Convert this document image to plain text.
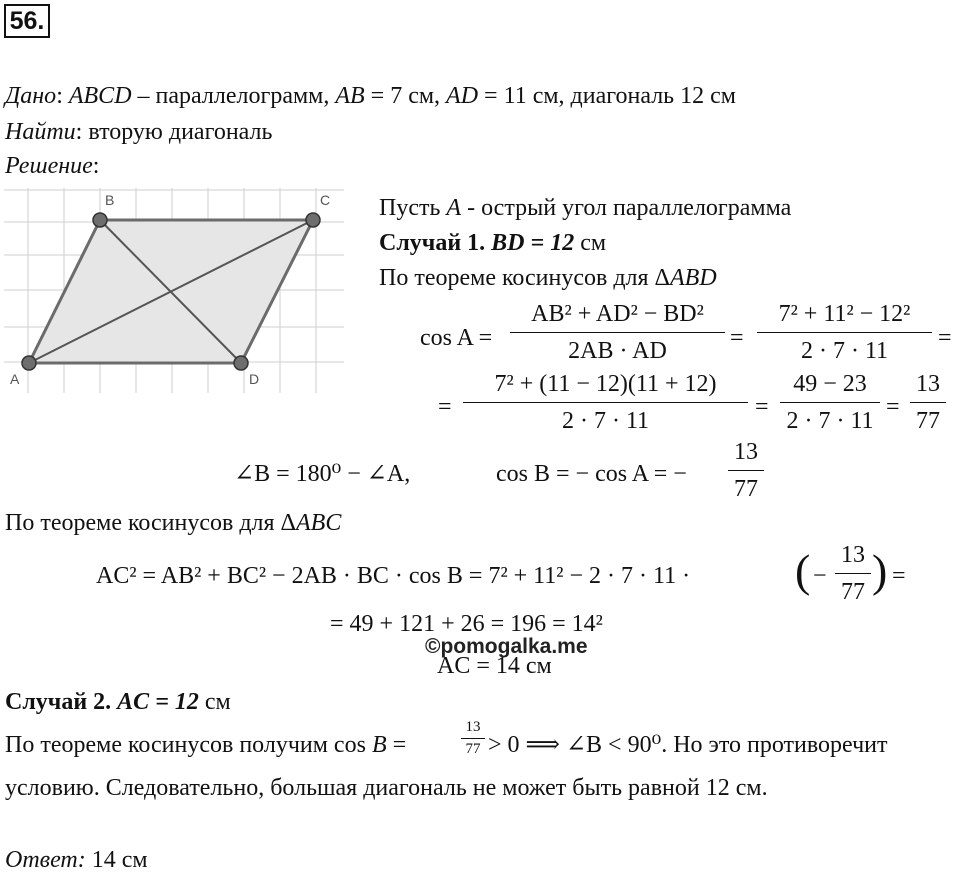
56.
Дано: ABCD – параллелограмм, AB = 7 см, AD = 11 см, диагональ 12 см
Найти: вторую диагональ
Решение:
A
B	C
D
Пусть A - острый угол параллелограмма
Случай 1. BD = 12 см
По теореме косинусов для ΔABD
cos A =
AB² + AD² − BD²
2AB · AD	=
7² + 11² − 12²
2 · 7 · 11	=
=
7² + (11 − 12)(11 + 12)
2 · 7 · 11
=
49 − 23
2 · 7 · 11
=
13
77
∠B = 180⁰ − ∠A,	cos B = − cos A = −
13
77
По теореме косинусов для ΔABC
AC² = AB² + BC² − 2AB · BC · cos B = 7² + 11² − 2 · 7 · 11 · ( −
13
77 ) =
= 49 + 121 + 26 = 196 = 14²
©pomogalka.me
AC = 14 см
Случай 2. AC = 12 см
По теореме косинусов получим cos B =
13
77 > 0 ⟹ ∠B < 90⁰. Но это противоречит
условию. Следовательно, большая диагональ не может быть равной 12 см.
Ответ: 14 см
